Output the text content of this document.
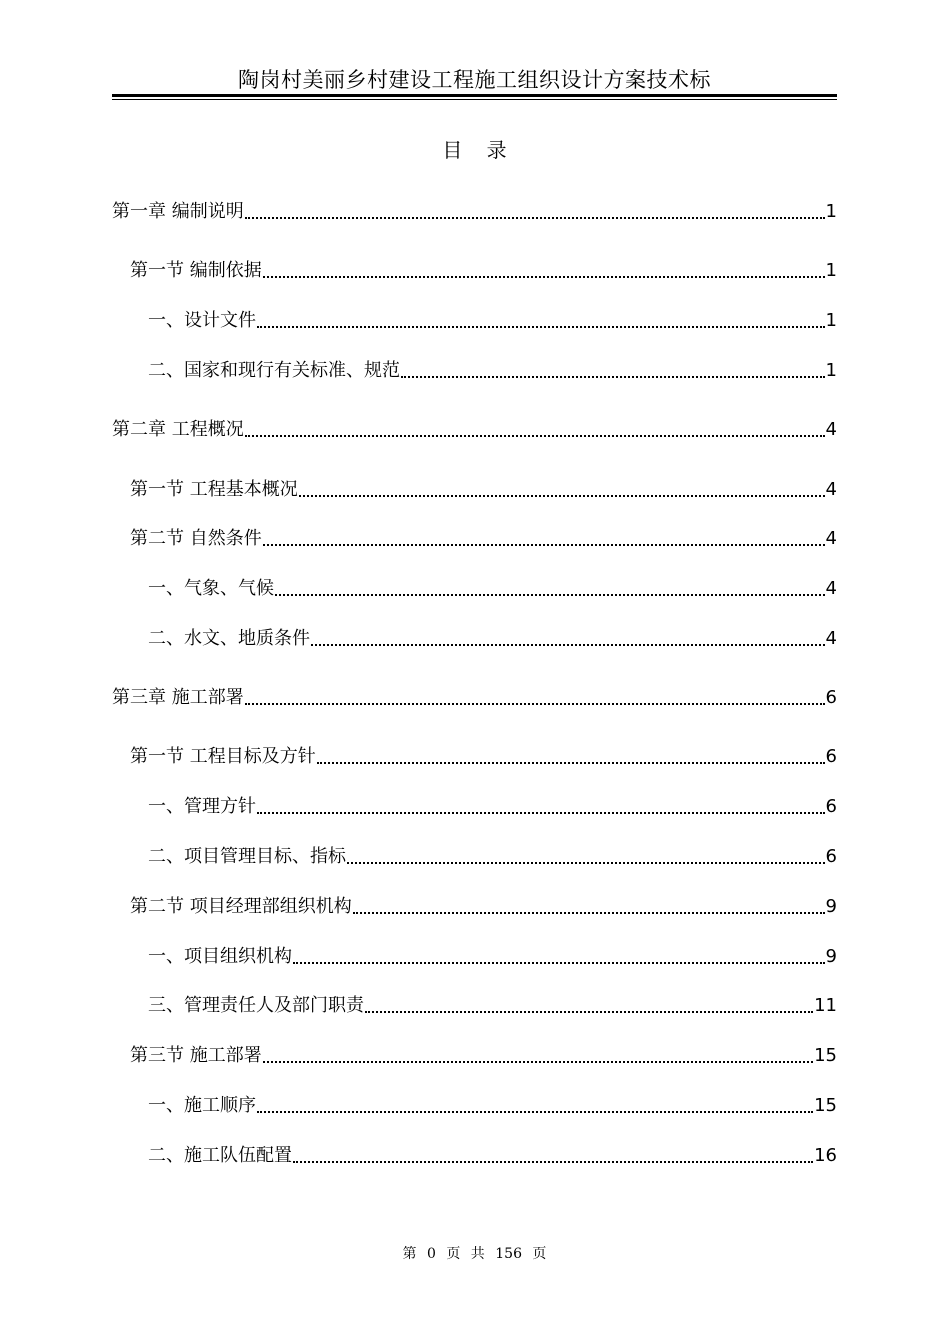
陶岗村美丽乡村建设工程施工组织设计方案技术标
目 录
第一章 编制说明	1
第一节 编制依据	1
一、设计文件	1
二、国家和现行有关标准、规范	1
第二章 工程概况	4
第一节 工程基本概况	4
第二节 自然条件	4
一、气象、气候	4
二、水文、地质条件	4
第三章 施工部署	6
第一节 工程目标及方针	6
一、管理方针	6
二、项目管理目标、指标	6
第二节 项目经理部组织机构	9
一、项目组织机构	9
三、管理责任人及部门职责	11
第三节 施工部署	15
一、施工顺序	15
二、施工队伍配置	16
第 0 页 共 156 页
